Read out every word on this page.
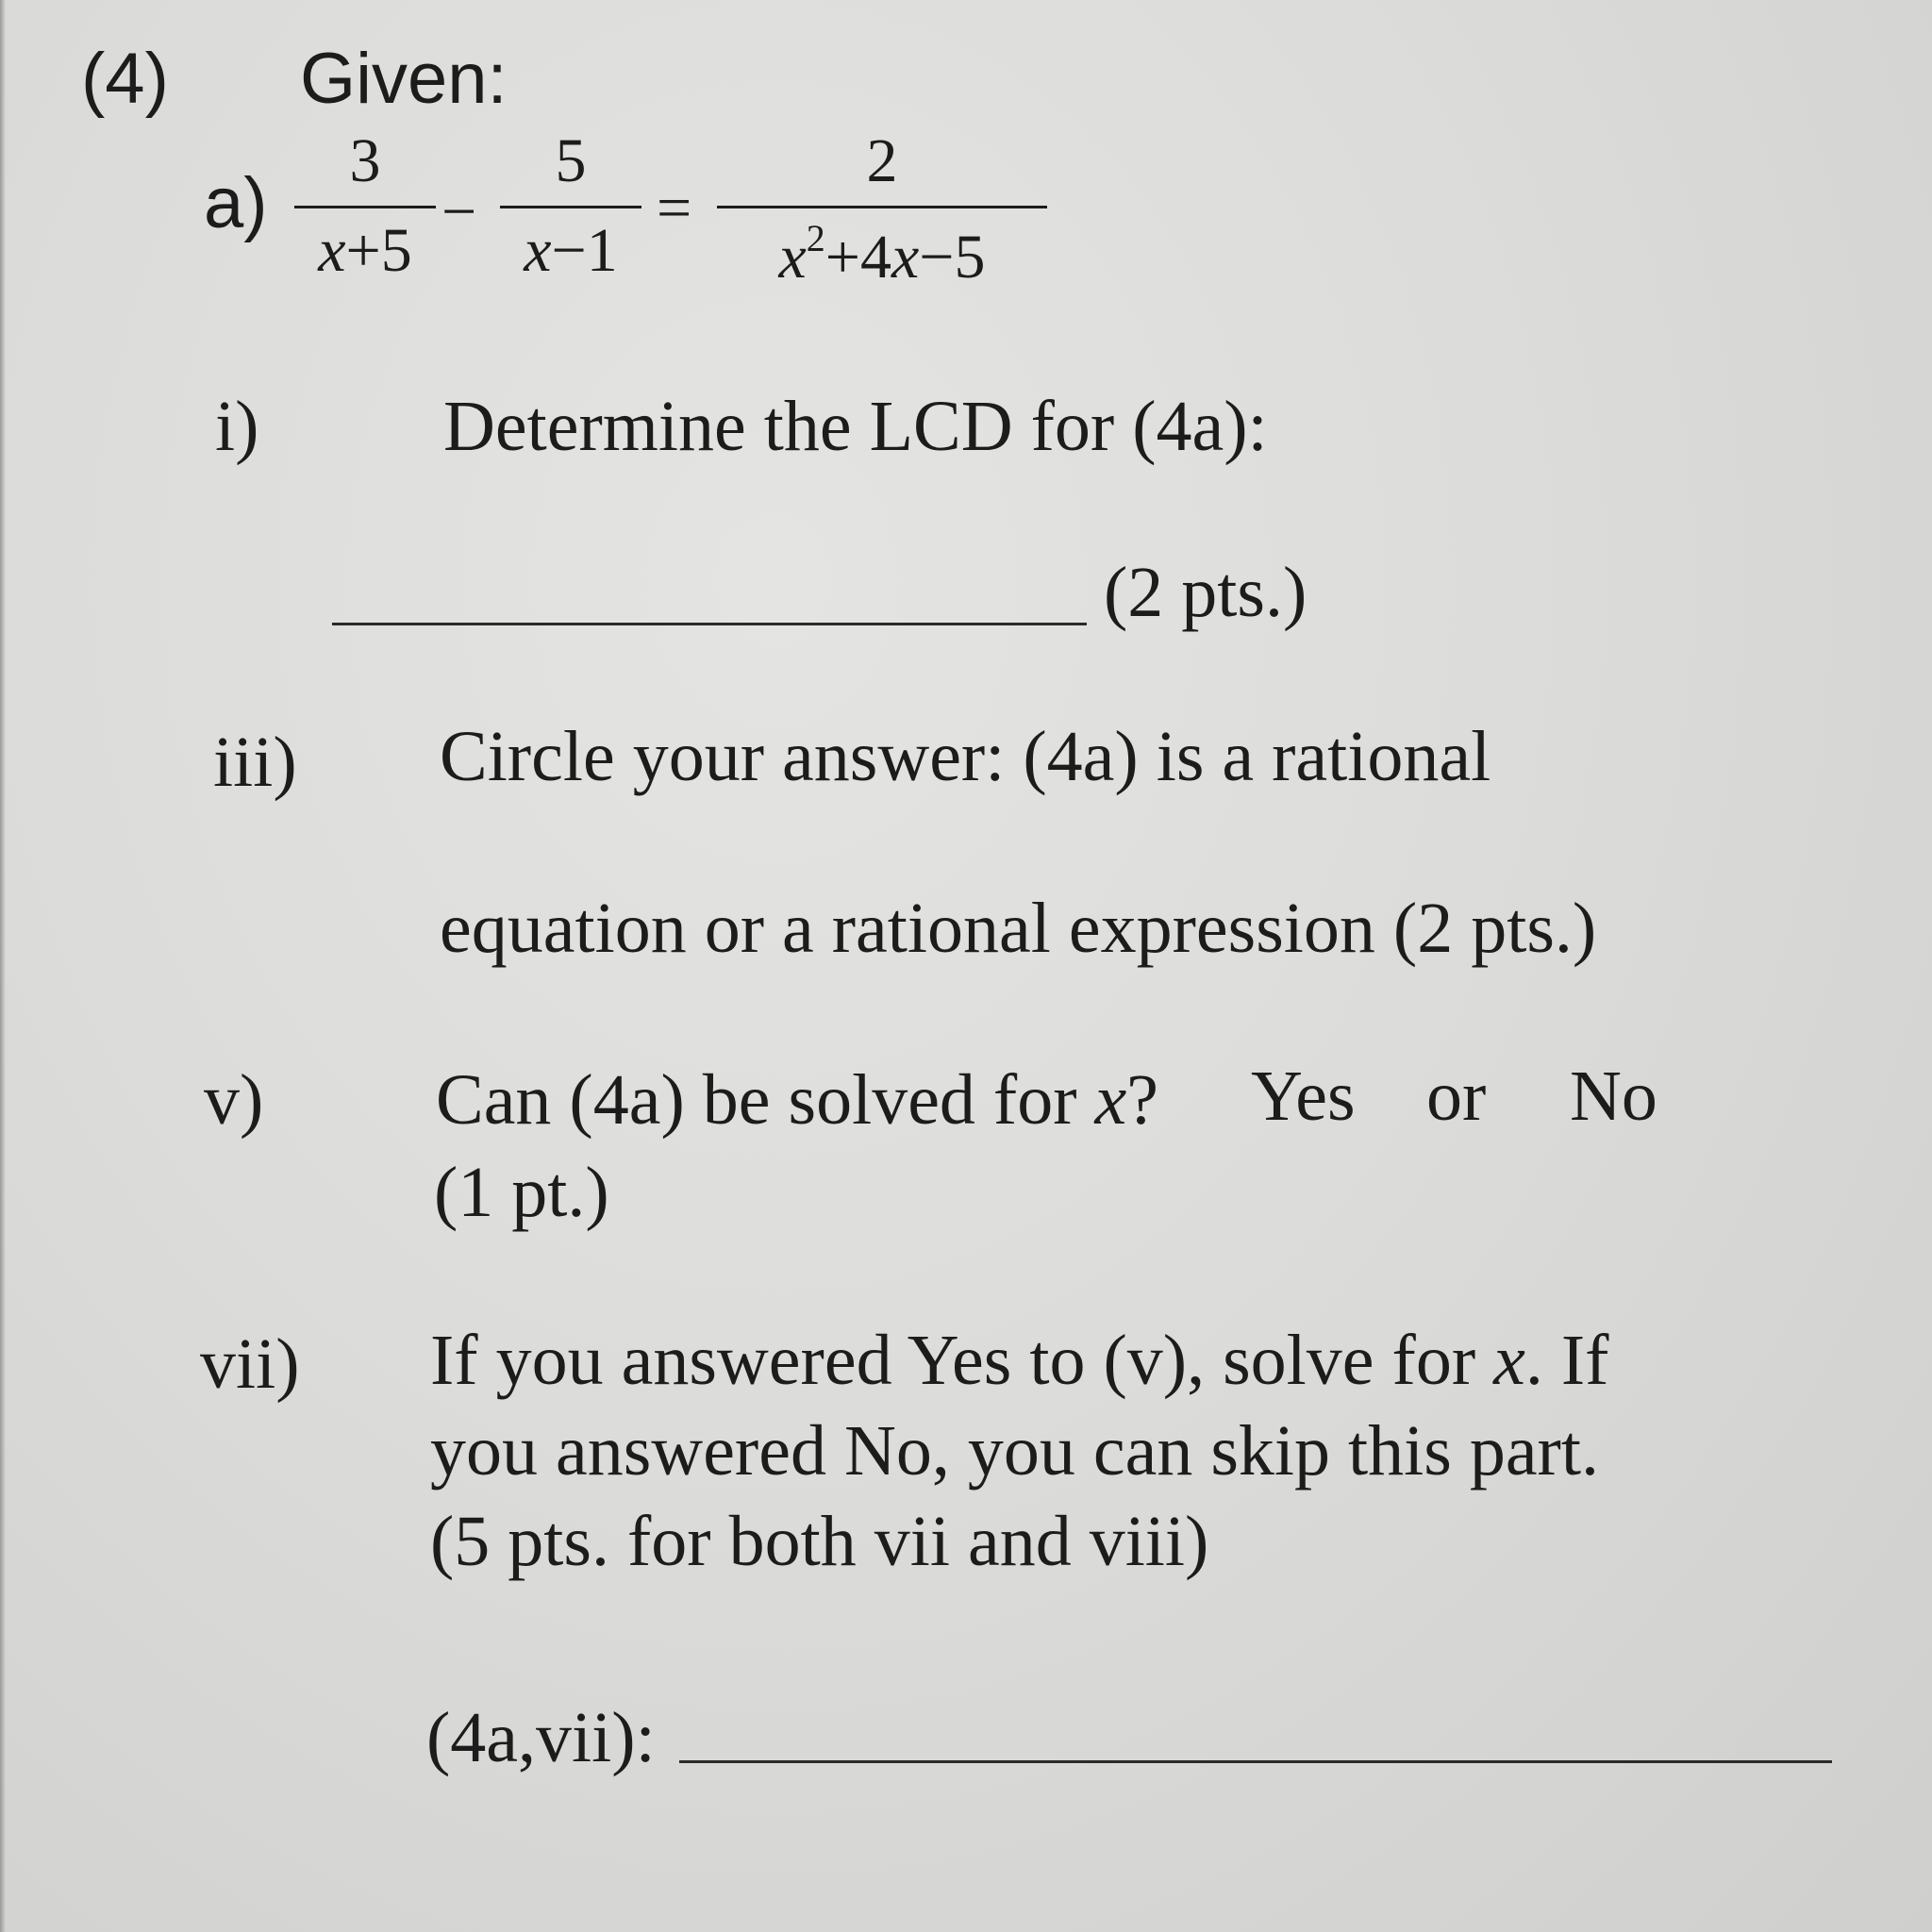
(4) Given:
a)
3
x+5
−
5
x−1
=
2
$x^2+4x-5$
i)	Determine the LCD for (4a):
(2 pts.)
iii) Circle your answer: (4a) is a rational
equation or a rational expression (2 pts.)
v) Can (4a) be solved for x? Yes or No
(1 pt.)
vii) If you answered Yes to (v), solve for x. If
you answered No, you can skip this part.
(5 pts. for both vii and viii)
(4a,vii):
